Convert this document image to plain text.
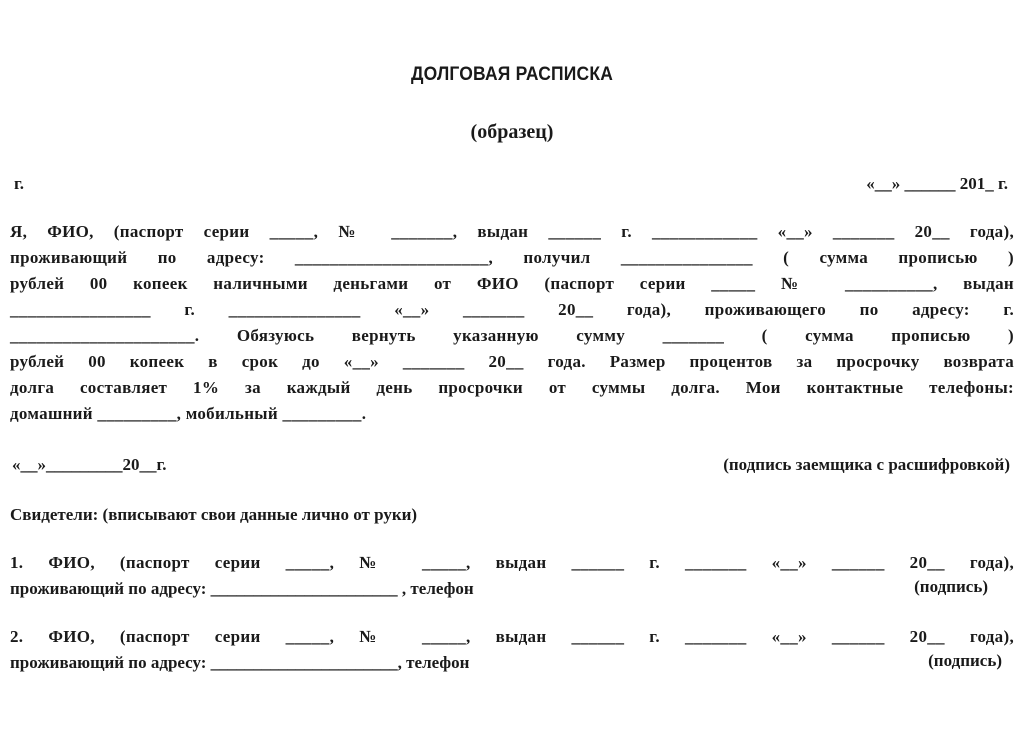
ДОЛГОВАЯ РАСПИСКА
(образец)
г.	«__» ______ 201_ г.
Я, ФИО, (паспорт серии _____, № _______, выдан ______ г. ____________ «__» _______ 20__ года),
проживающий по адресу: ______________________, получил _______________ ( сумма прописью )
рублей 00 копеек наличными деньгами от ФИО (паспорт серии _____ № __________, выдан
________________ г. _______________ «__» _______ 20__ года), проживающего по адресу: г.
_____________________. Обязуюсь вернуть указанную сумму _______ ( сумма прописью )
рублей 00 копеек в срок до «__» _______ 20__ года. Размер процентов за просрочку возврата
долга составляет 1% за каждый день просрочки от суммы долга. Мои контактные телефоны:
домашний _________, мобильный _________.
«__»_________20__г.	(подпись заемщика с расшифровкой)
Свидетели: (вписывают свои данные лично от руки)
1. ФИО, (паспорт серии _____, № _____, выдан ______ г. _______ «__» ______ 20__ года),
проживающий по адресу: ______________________ , телефон	(подпись)
2. ФИО, (паспорт серии _____, № _____, выдан ______ г. _______ «__» ______ 20__ года),
проживающий по адресу: ______________________, телефон	(подпись)
